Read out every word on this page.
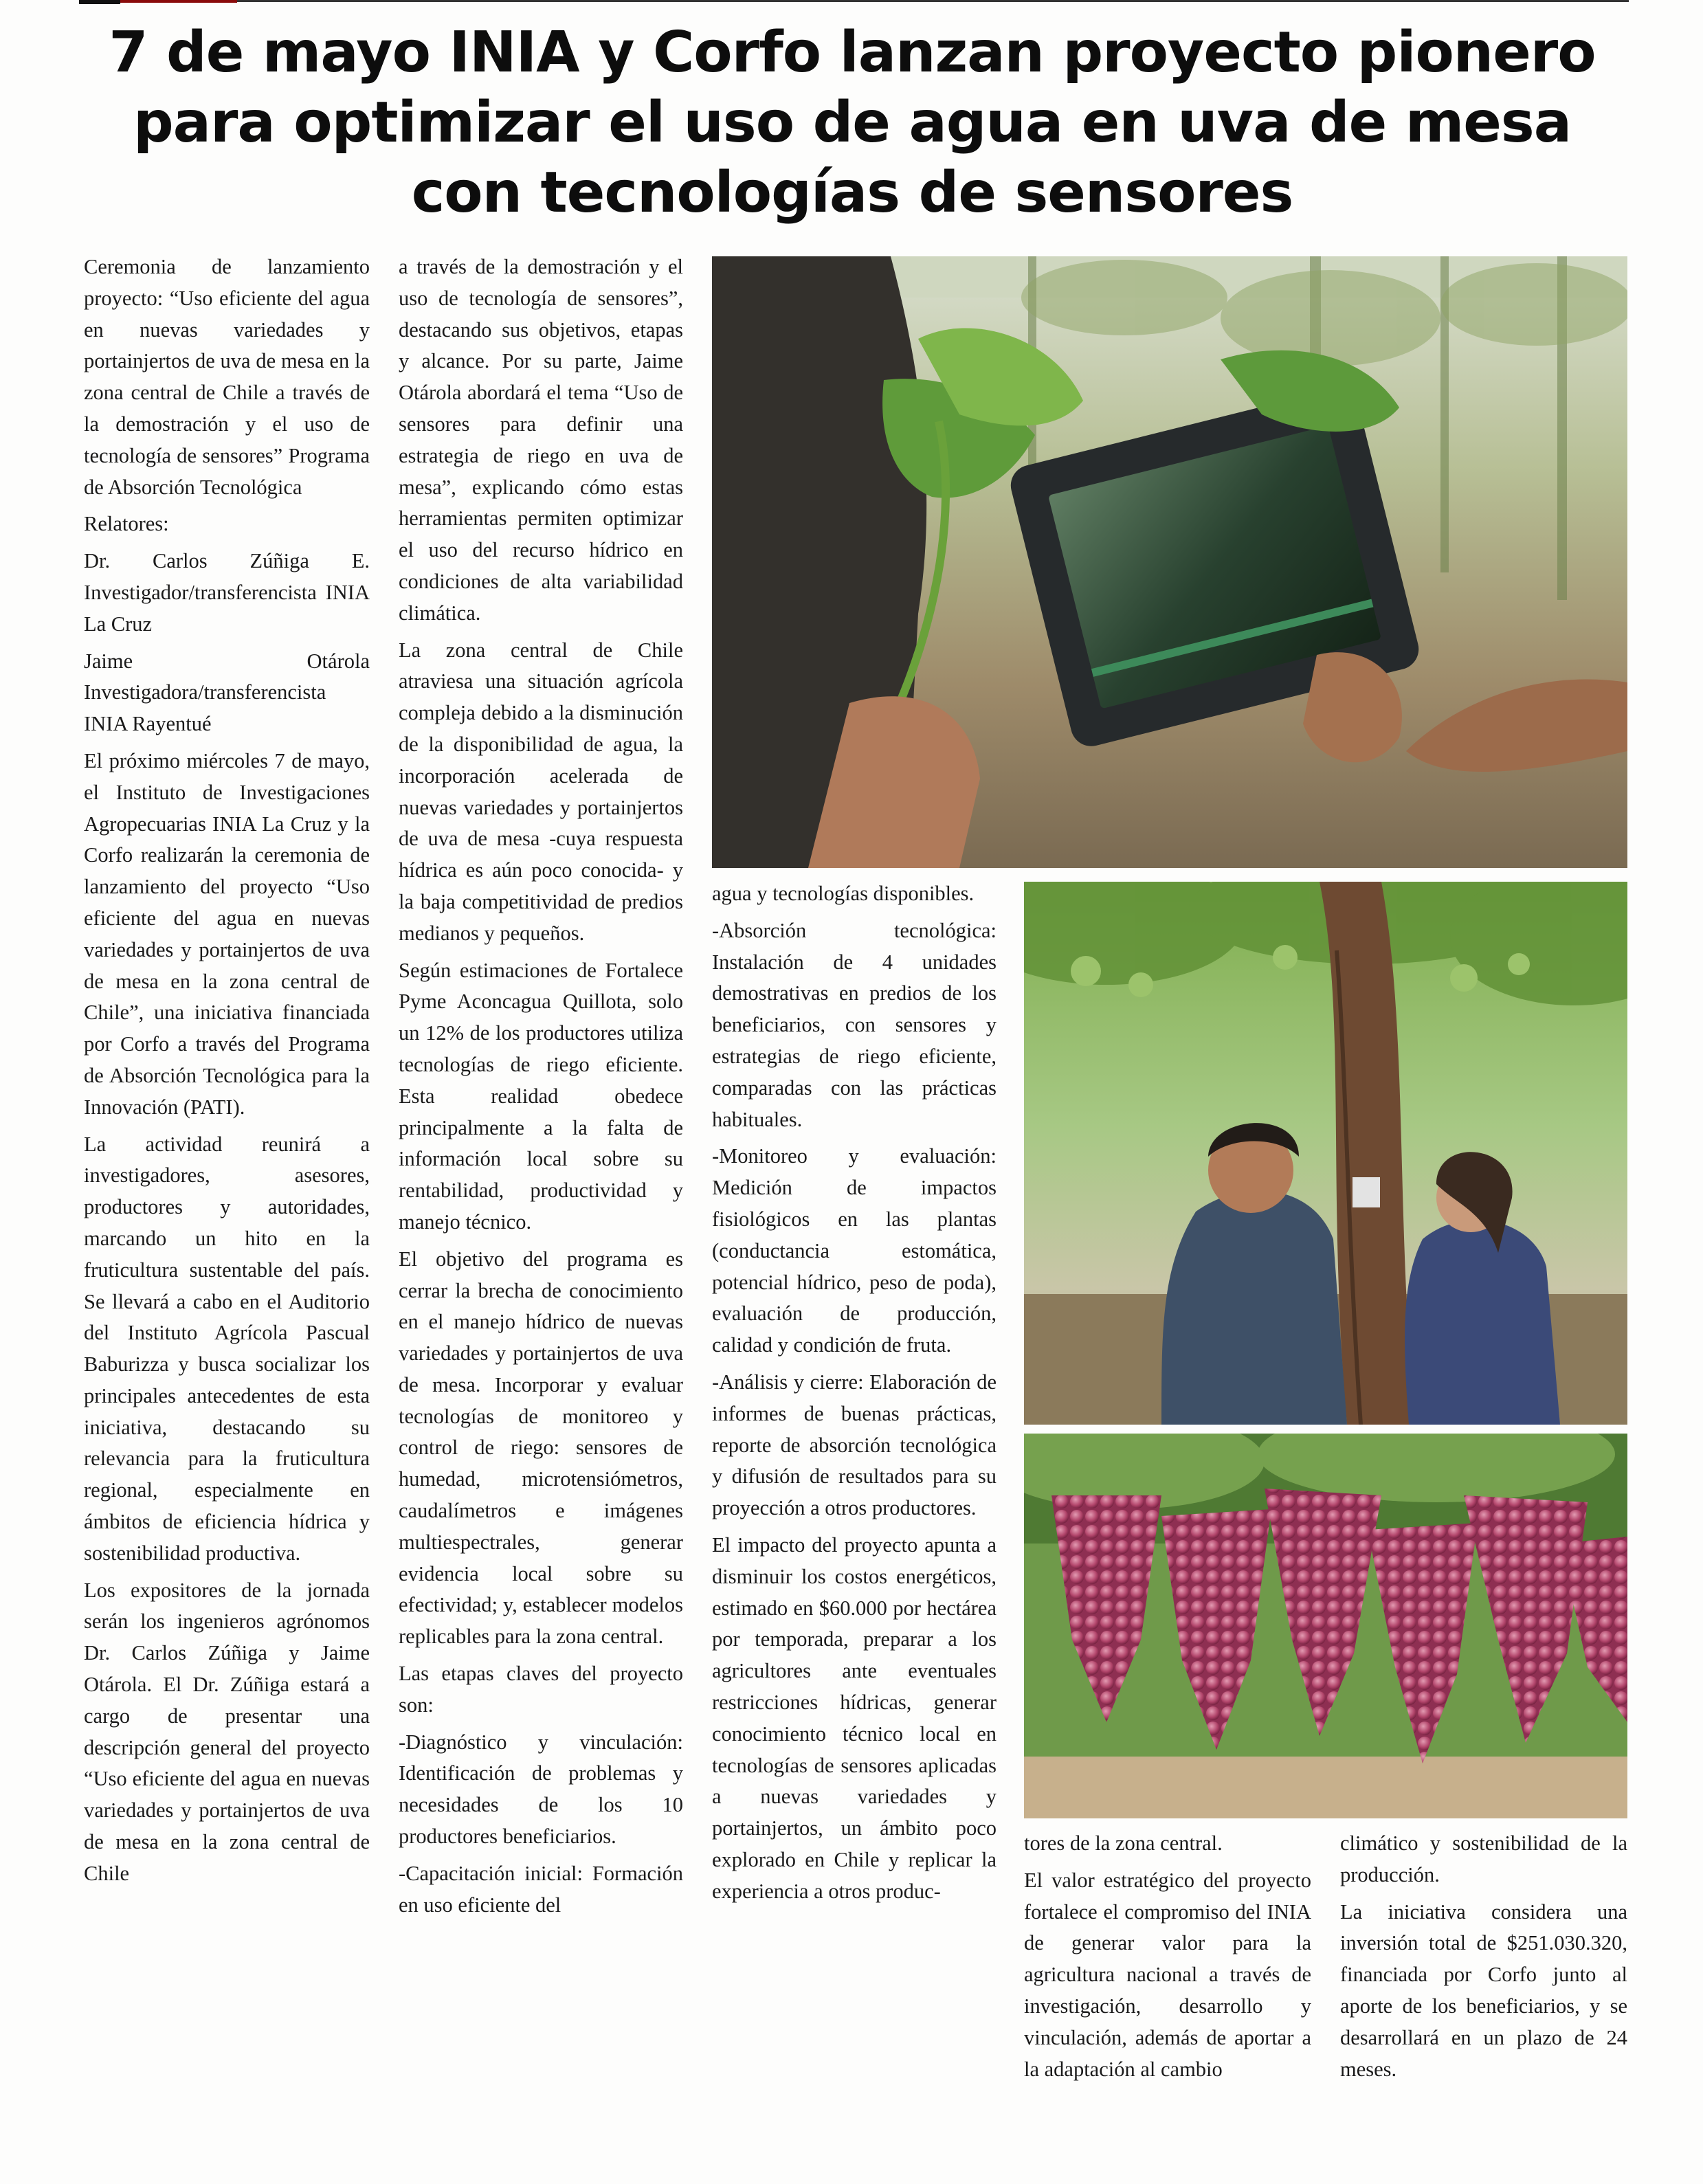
7 de mayo INIA y Corfo lanzan proyecto pionero para optimizar el uso de agua en uva de mesa con tecnologías de sensores

Ceremonia de lanzamiento proyecto: “Uso eficiente del agua en nuevas variedades y portainjertos de uva de mesa en la zona central de Chile a través de la demostración y el uso de tecnología de sensores” Programa de Absorción Tecnológica

Relatores:

Dr. Carlos Zúñiga E. Investigador/transferencista INIA La Cruz

Jaime Otárola Investigadora/transferencista INIA Rayentué

El próximo miércoles 7 de mayo, el Instituto de Investigaciones Agropecuarias INIA La Cruz y la Corfo realizarán la ceremonia de lanzamiento del proyecto “Uso eficiente del agua en nuevas variedades y portainjertos de uva de mesa en la zona central de Chile”, una iniciativa financiada por Corfo a través del Programa de Absorción Tecnológica para la Innovación (PATI).

La actividad reunirá a investigadores, asesores, productores y autoridades, marcando un hito en la fruticultura sustentable del país. Se llevará a cabo en el Auditorio del Instituto Agrícola Pascual Baburizza y busca socializar los principales antecedentes de esta iniciativa, destacando su relevancia para la fruticultura regional, especialmente en ámbitos de eficiencia hídrica y sostenibilidad productiva.

Los expositores de la jornada serán los ingenieros agrónomos Dr. Carlos Zúñiga y Jaime Otárola. El Dr. Zúñiga estará a cargo de presentar una descripción general del proyecto “Uso eficiente del agua en nuevas variedades y portainjertos de uva de mesa en la zona central de Chile

a través de la demostración y el uso de tecnología de sensores”, destacando sus objetivos, etapas y alcance. Por su parte, Jaime Otárola abordará el tema “Uso de sensores para definir una estrategia de riego en uva de mesa”, explicando cómo estas herramientas permiten optimizar el uso del recurso hídrico en condiciones de alta variabilidad climática.

La zona central de Chile atraviesa una situación agrícola compleja debido a la disminución de la disponibilidad de agua, la incorporación acelerada de nuevas variedades y portainjertos de uva de mesa -cuya respuesta hídrica es aún poco conocida- y la baja competitividad de predios medianos y pequeños.

Según estimaciones de Fortalece Pyme Aconcagua Quillota, solo un 12% de los productores utiliza tecnologías de riego eficiente. Esta realidad obedece principalmente a la falta de información local sobre su rentabilidad, productividad y manejo técnico.

El objetivo del programa es cerrar la brecha de conocimiento en el manejo hídrico de nuevas variedades y portainjertos de uva de mesa. Incorporar y evaluar tecnologías de monitoreo y control de riego: sensores de humedad, microtensiómetros, caudalímetros e imágenes multiespectrales, generar evidencia local sobre su efectividad; y, establecer modelos replicables para la zona central.

Las etapas claves del proyecto son:

-Diagnóstico y vinculación: Identificación de problemas y necesidades de los 10 productores beneficiarios.

-Capacitación inicial: Formación en uso eficiente del

agua y tecnologías disponibles.

-Absorción tecnológica: Instalación de 4 unidades demostrativas en predios de los beneficiarios, con sensores y estrategias de riego eficiente, comparadas con las prácticas habituales.

-Monitoreo y evaluación: Medición de impactos fisiológicos en las plantas (conductancia estomática, potencial hídrico, peso de poda), evaluación de producción, calidad y condición de fruta.

-Análisis y cierre: Elaboración de informes de buenas prácticas, reporte de absorción tecnológica y difusión de resultados para su proyección a otros productores.

El impacto del proyecto apunta a disminuir los costos energéticos, estimado en $60.000 por hectárea por temporada, preparar a los agricultores ante eventuales restricciones hídricas, generar conocimiento técnico local en tecnologías de sensores aplicadas a nuevas variedades y portainjertos, un ámbito poco explorado en Chile y replicar la experiencia a otros produc-

tores de la zona central.

El valor estratégico del proyecto fortalece el compromiso del INIA de generar valor para la agricultura nacional a través de investigación, desarrollo y vinculación, además de aportar a la adaptación al cambio

climático y sostenibilidad de la producción.

La iniciativa considera una inversión total de $251.030.320, financiada por Corfo junto al aporte de los beneficiarios, y se desarrollará en un plazo de 24 meses.
